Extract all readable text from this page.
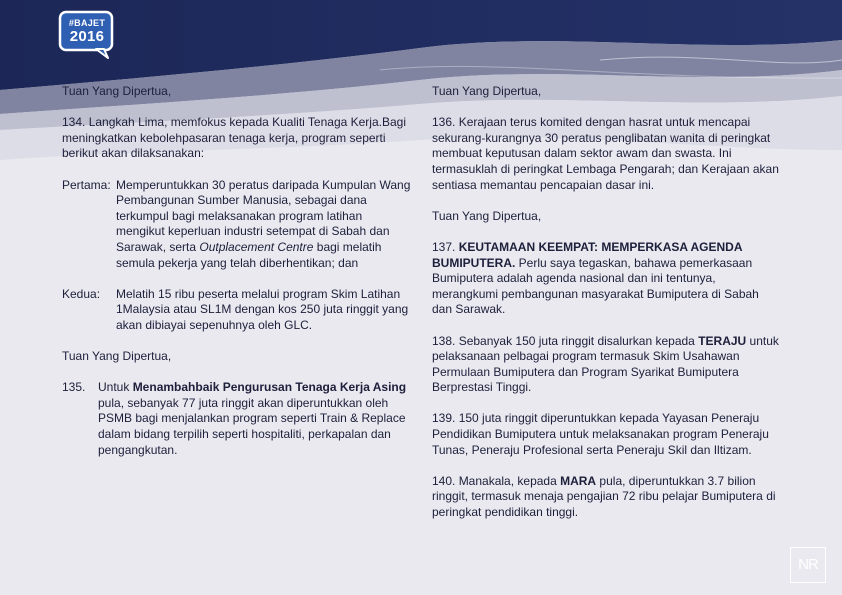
#BAJET
2016

Tuan Yang Dipertua,

134. Langkah Lima, memfokus kepada Kualiti Tenaga Kerja.Bagi meningkatkan kebolehpasaran tenaga kerja, program seperti berikut akan dilaksanakan:

Pertama: Memperuntukkan 30 peratus daripada Kumpulan Wang Pembangunan Sumber Manusia, sebagai dana terkumpul bagi melaksanakan program latihan mengikut keperluan industri setempat di Sabah dan Sarawak, serta Outplacement Centre bagi melatih semula pekerja yang telah diberhentikan; dan

Kedua:	Melatih 15 ribu peserta melalui program Skim Latihan 1Malaysia atau SL1M dengan kos 250 juta ringgit yang akan dibiayai sepenuhnya oleh GLC.

Tuan Yang Dipertua,

135.	Untuk Menambahbaik Pengurusan Tenaga Kerja Asing pula, sebanyak 77 juta ringgit akan diperuntukkan oleh PSMB bagi menjalankan program seperti Train & Replace dalam bidang terpilih seperti hospitaliti, perkapalan dan pengangkutan.

Tuan Yang Dipertua,

136. Kerajaan terus komited dengan hasrat untuk mencapai sekurang-kurangnya 30 peratus penglibatan wanita di peringkat membuat keputusan dalam sektor awam dan swasta. Ini termasuklah di peringkat Lembaga Pengarah; dan Kerajaan akan sentiasa memantau pencapaian dasar ini.

Tuan Yang Dipertua,

137. KEUTAMAAN KEEMPAT: MEMPERKASA AGENDA BUMIPUTERA. Perlu saya tegaskan, bahawa pemerkasaan Bumiputera adalah agenda nasional dan ini tentunya, merangkumi pembangunan masyarakat Bumiputera di Sabah dan Sarawak.

138. Sebanyak 150 juta ringgit disalurkan kepada TERAJU untuk pelaksanaan pelbagai program termasuk Skim Usahawan Permulaan Bumiputera dan Program Syarikat Bumiputera Berprestasi Tinggi.

139. 150 juta ringgit diperuntukkan kepada Yayasan Peneraju Pendidikan Bumiputera untuk melaksanakan program Peneraju Tunas, Peneraju Profesional serta Peneraju Skil dan Iltizam.

140. Manakala, kepada MARA pula, diperuntukkan 3.7 bilion ringgit, termasuk menaja pengajian 72 ribu pelajar Bumiputera di peringkat pendidikan tinggi.

NR
